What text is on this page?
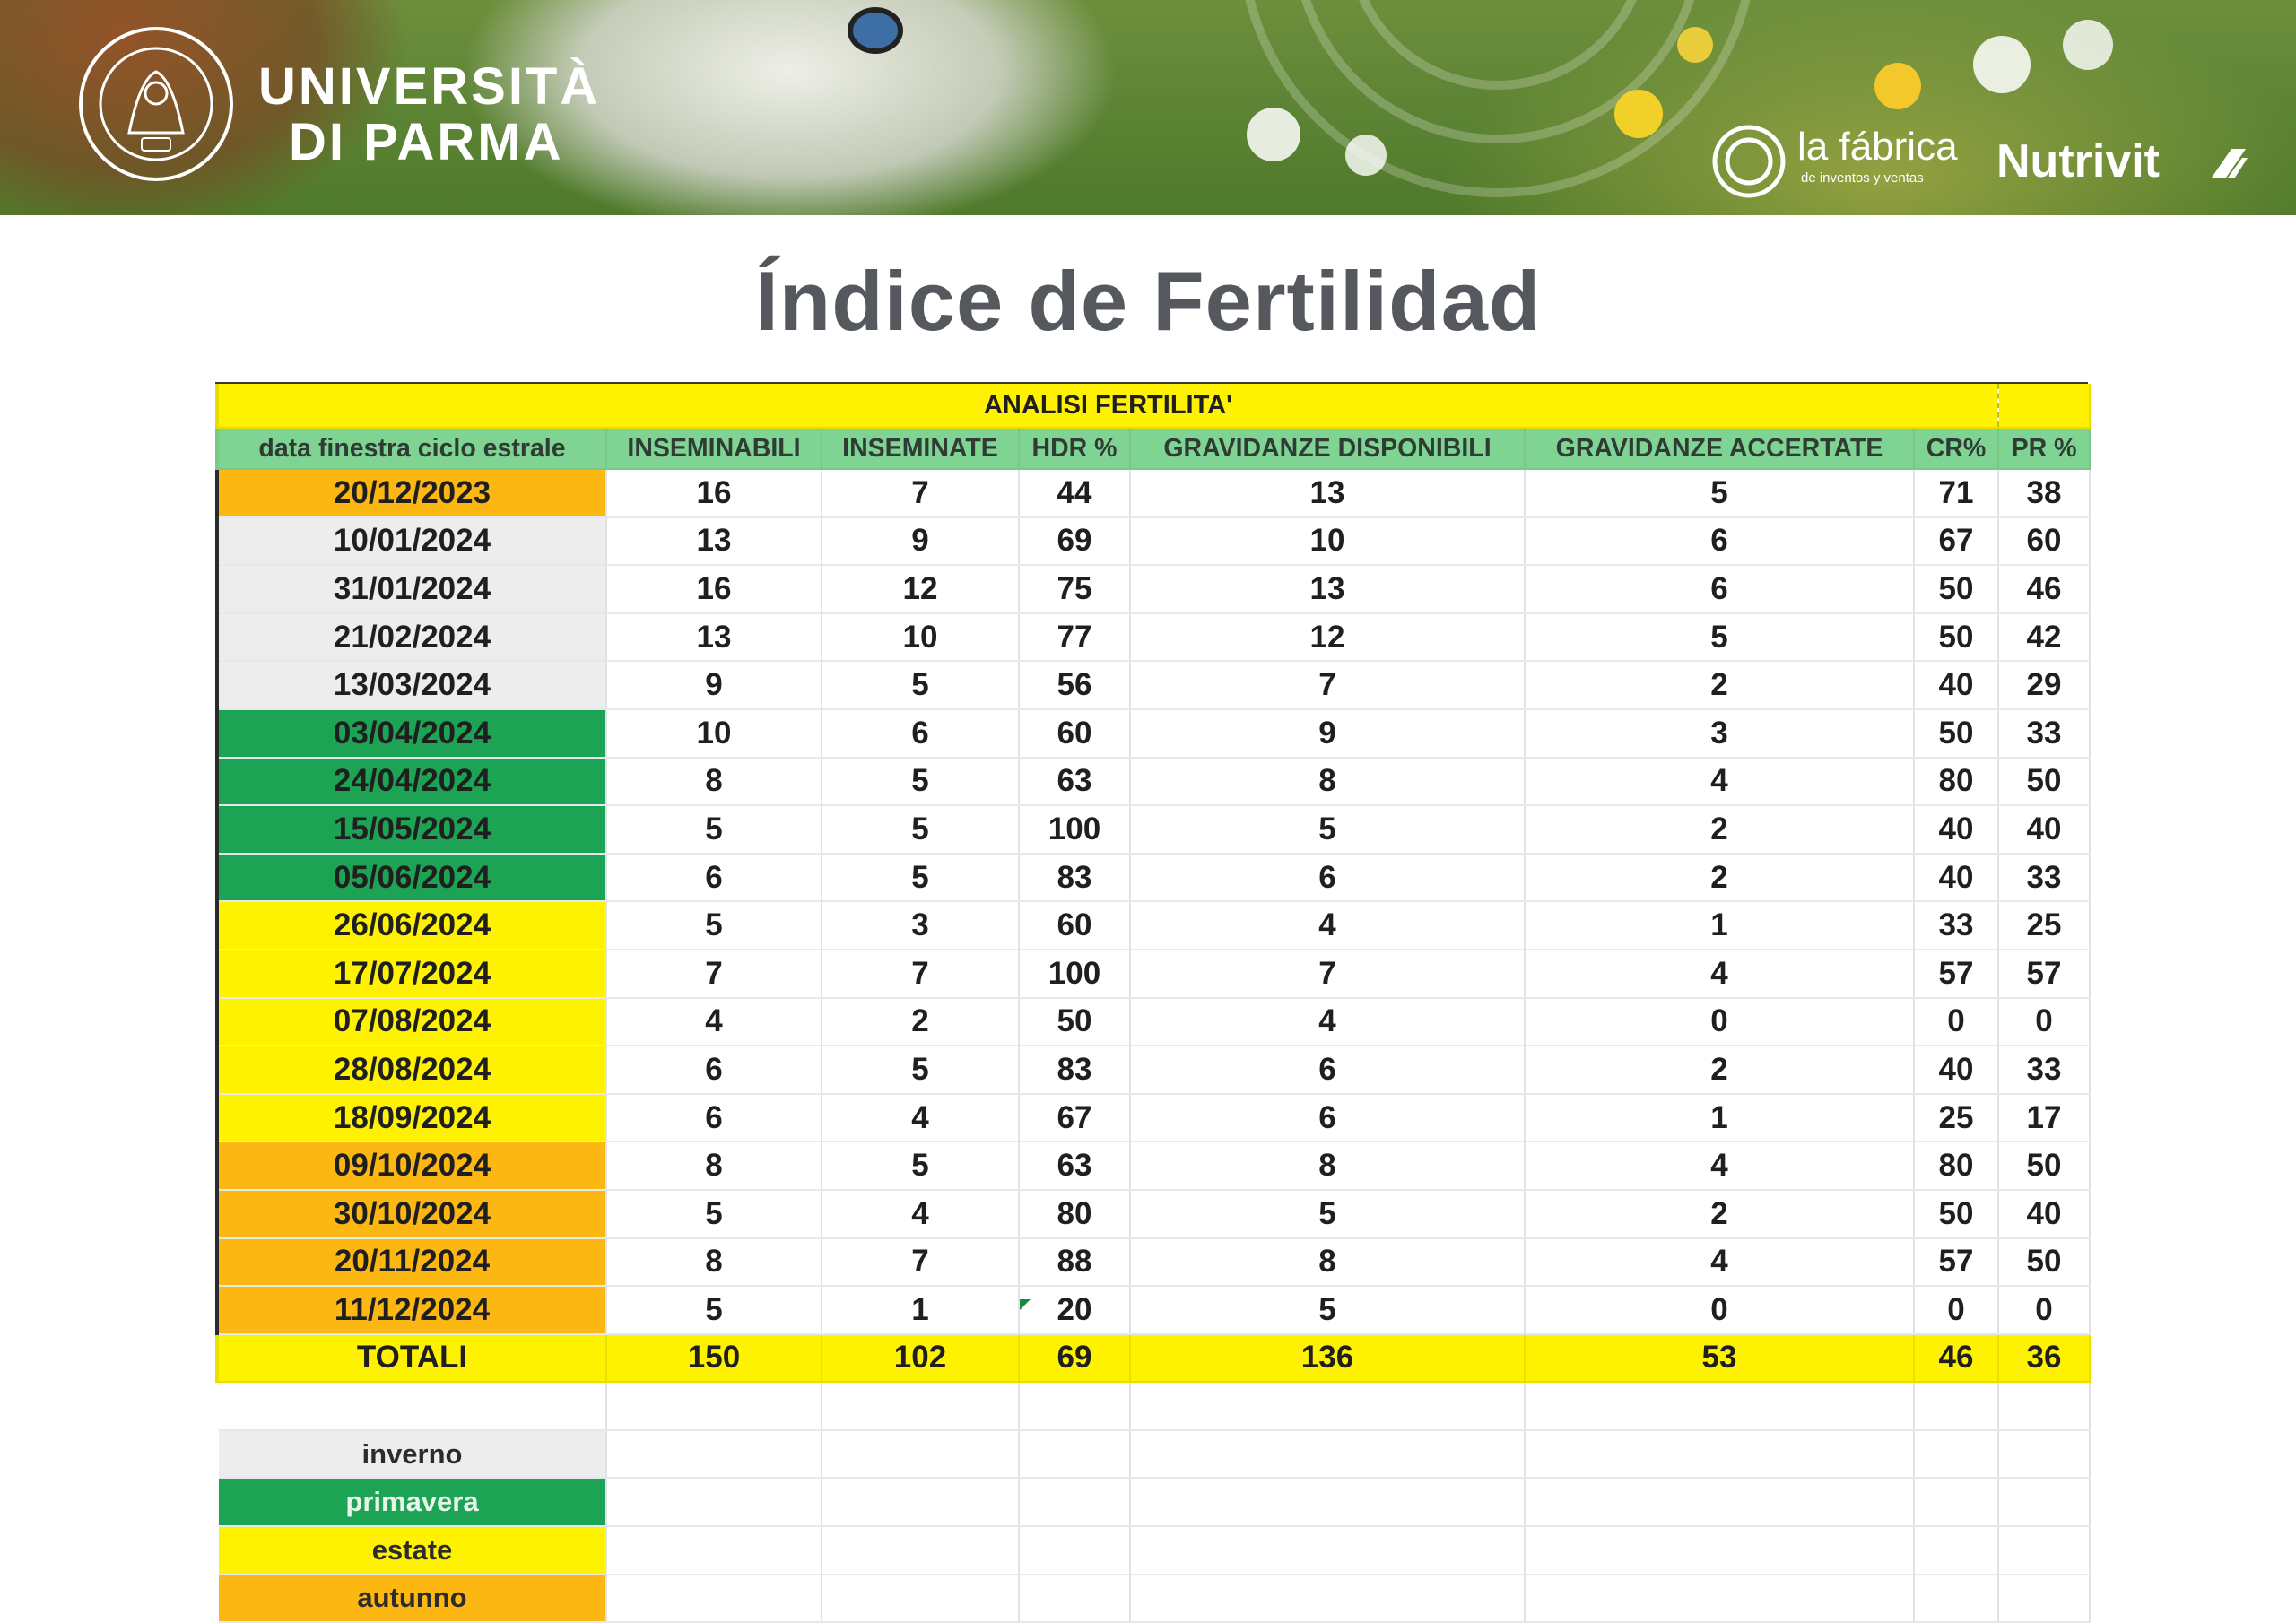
UNIVERSITÀ
DI PARMA	la fábrica
de inventos y ventas Nutrivit
Índice de Fertilidad
ANALISI FERTILITA'							
data finestra ciclo estrale	INSEMINABILI	INSEMINATE	HDR %	GRAVIDANZE DISPONIBILI	GRAVIDANZE ACCERTATE	CR%	PR %
20/12/2023	16	7	44	13	5	71	38
10/01/2024	13	9	69	10	6	67	60
31/01/2024	16	12	75	13	6	50	46
21/02/2024	13	10	77	12	5	50	42
13/03/2024	9	5	56	7	2	40	29
03/04/2024	10	6	60	9	3	50	33
24/04/2024	8	5	63	8	4	80	50
15/05/2024	5	5	100	5	2	40	40
05/06/2024	6	5	83	6	2	40	33
26/06/2024	5	3	60	4	1	33	25
17/07/2024	7	7	100	7	4	57	57
07/08/2024	4	2	50	4	0	0	0
28/08/2024	6	5	83	6	2	40	33
18/09/2024	6	4	67	6	1	25	17
09/10/2024	8	5	63	8	4	80	50
30/10/2024	5	4	80	5	2	50	40
20/11/2024	8	7	88	8	4	57	50
11/12/2024	5	1	20	5	0	0	0
TOTALI	150	102	69	136	53	46	36

inverno							
primavera							
estate							
autunno							
